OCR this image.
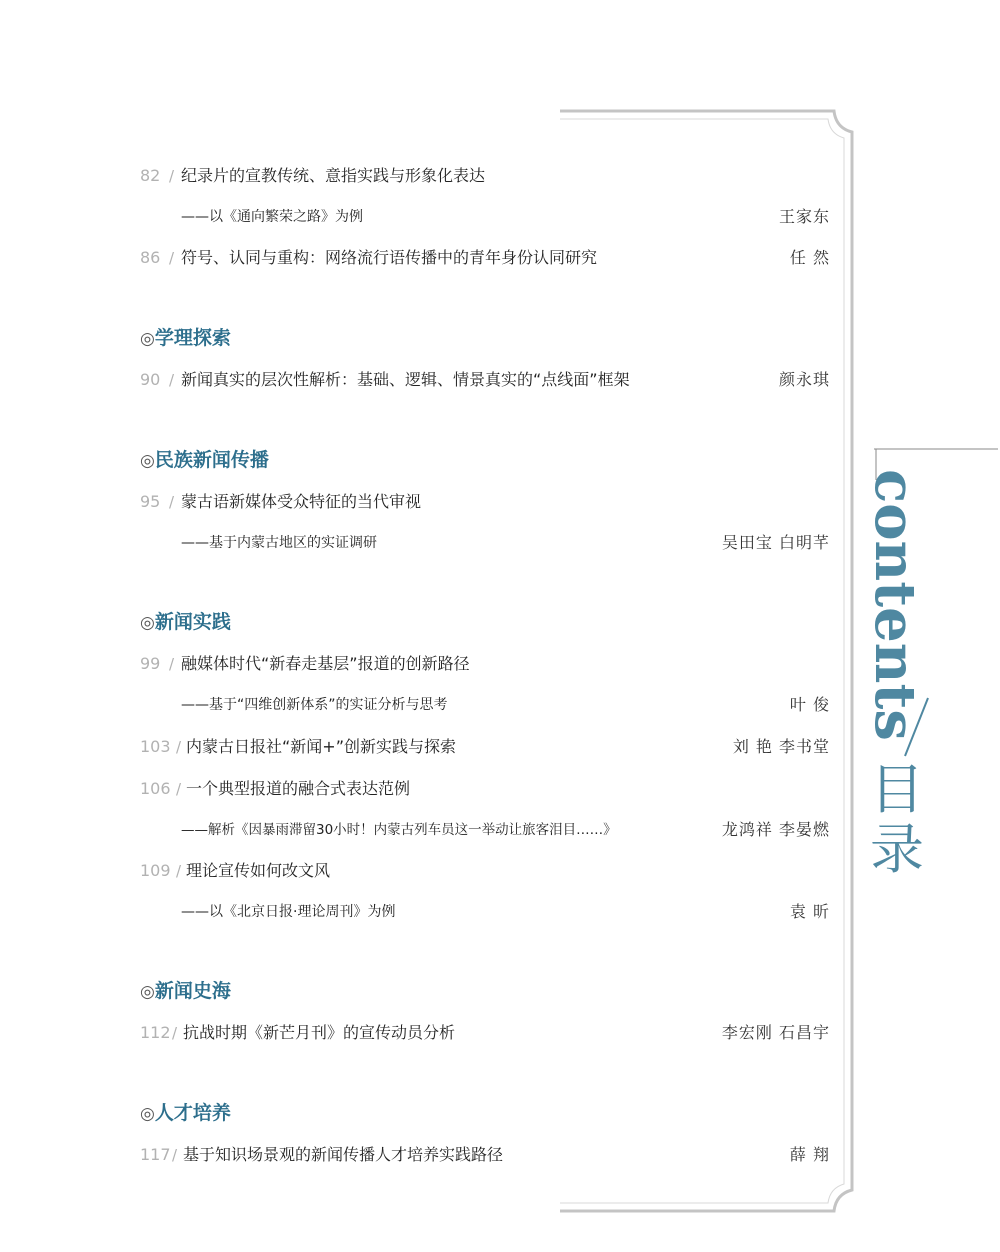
contents
目
录
82 / 纪录片的宣教传统、意指实践与形象化表达
——以《通向繁荣之路》为例	王家东
86 / 符号、认同与重构：网络流行语传播中的青年身份认同研究	任 然
◎学理探索
90 / 新闻真实的层次性解析：基础、逻辑、情景真实的“点线面”框架	颜永琪
◎民族新闻传播
95 / 蒙古语新媒体受众特征的当代审视
——基于内蒙古地区的实证调研	吴田宝 白明芊
◎新闻实践
99 / 融媒体时代“新春走基层”报道的创新路径
——基于“四维创新体系”的实证分析与思考	叶 俊
103 / 内蒙古日报社“新闻+”创新实践与探索	刘 艳 李书堂
106 / 一个典型报道的融合式表达范例
——解析《因暴雨滞留30小时！内蒙古列车员这一举动让旅客泪目……》	龙鸿祥 李晏燃
109 / 理论宣传如何改文风
——以《北京日报·理论周刊》为例	袁 昕
◎新闻史海
112 / 抗战时期《新芒月刊》的宣传动员分析	李宏刚 石昌宇
◎人才培养
117 / 基于知识场景观的新闻传播人才培养实践路径	薛 翔
